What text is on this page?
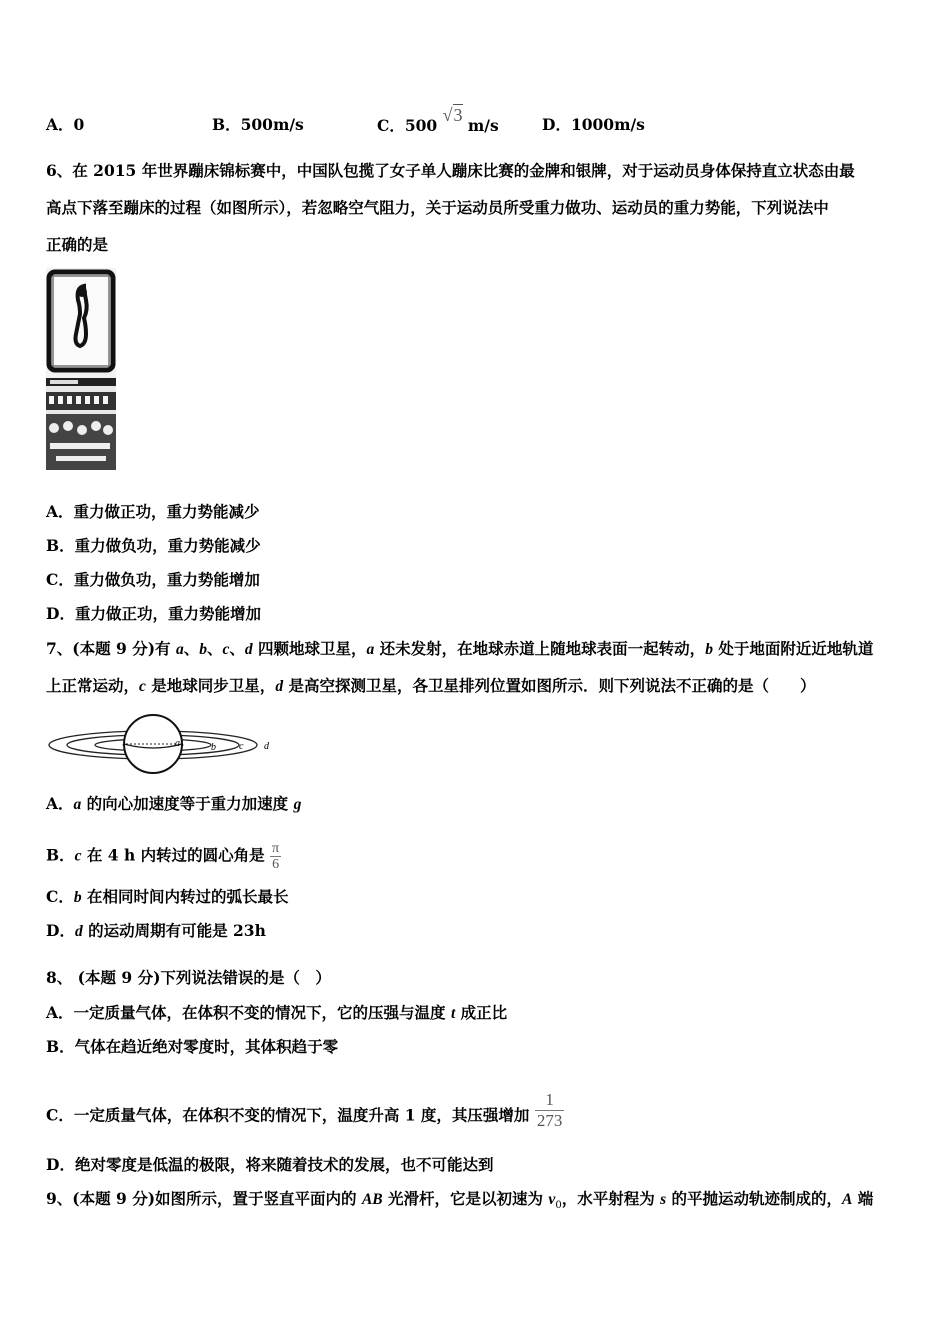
A．0	B．500m/s	C．500 √3 m/s	D．1000m/s
6、在 2015 年世界蹦床锦标赛中，中国队包揽了女子单人蹦床比赛的金牌和银牌，对于运动员身体保持直立状态由最
高点下落至蹦床的过程（如图所示），若忽略空气阻力，关于运动员所受重力做功、运动员的重力势能，下列说法中
正确的是
A．重力做正功，重力势能减少
B．重力做负功，重力势能减少
C．重力做负功，重力势能增加
D．重力做正功，重力势能增加
7、(本题 9 分)有 a、b、c、d 四颗地球卫星，a 还未发射，在地球赤道上随地球表面一起转动，b 处于地面附近近地轨道
上正常运动，c 是地球同步卫星，d 是高空探测卫星，各卫星排列位置如图所示．则下列说法不正确的是（　　）
a	b c d
A．a 的向心加速度等于重力加速度 g
B．c 在 4 h 内转过的圆心角是 $\frac{\pi}{6}$
C．b 在相同时间内转过的弧长最长
D．d 的运动周期有可能是 23h
8、 (本题 9 分)下列说法错误的是（　）
A．一定质量气体，在体积不变的情况下，它的压强与温度 t 成正比
B．气体在趋近绝对零度时，其体积趋于零
C．一定质量气体，在体积不变的情况下，温度升高 1 度，其压强增加 $\frac{1}{273}$
D．绝对零度是低温的极限，将来随着技术的发展，也不可能达到
9、(本题 9 分)如图所示，置于竖直平面内的 AB 光滑杆，它是以初速为 $v_0$，水平射程为 s 的平抛运动轨迹制成的，A 端
